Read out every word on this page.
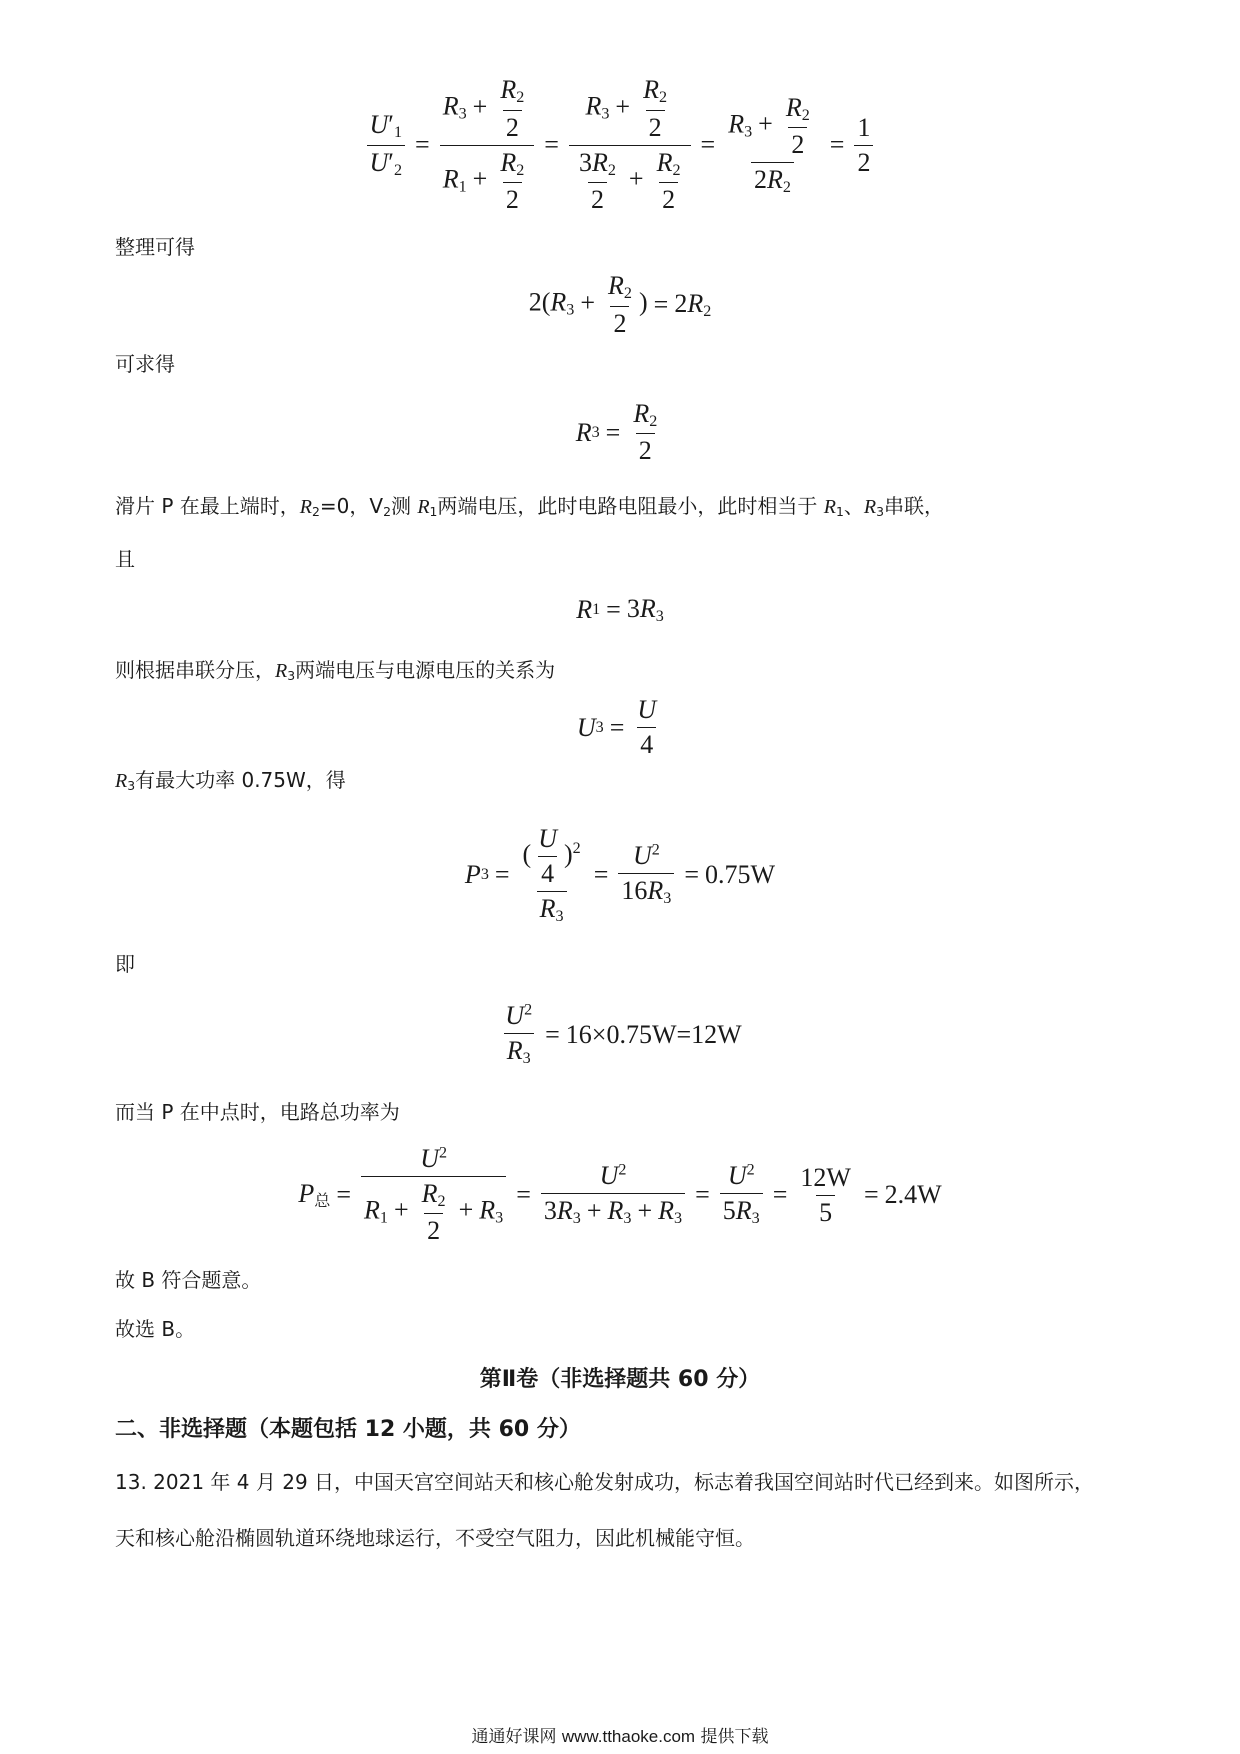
$\frac{U'_1}{U'_2} = \frac{R_3 + \frac{R_2}{2}}{R_1 + \frac{R_2}{2}} = \frac{R_3 + \frac{R_2}{2}}{\frac{3R_2}{2} + \frac{R_2}{2}} = \frac{R_3 + \frac{R_2}{2}}{2R_2} = \frac{1}{2}$
整理可得
$2(R_3 + \frac{R_2}{2}$ ) = $2R_2$
可求得
R $3 = \frac{R_2}{2}$
滑片 P 在最上端时，$R_2=0$，$V_2$测 $R_1$两端电压，此时电路电阻最小，此时相当于 $R_1$、$R_3$串联，
且
R $1 = 3R_3$
则根据串联分压，$R_3$两端电压与电源电压的关系为
U $3 = \frac{U}{4}$
$R_3$有最大功率 0.75W，得
P $3 = \frac{( \frac{U}{4} )^2}{R_3} = \frac{U^2}{16R_3} = 0.75W$
即
$\frac{U^2}{R_3} = 16\times 0.75W=12W$
而当 P 在中点时，电路总功率为
$P_总 = \frac{U^2}{R_1 + \frac{R_2}{2} + R_3} = \frac{U^2}{3R_3 + R_3 + R_3} = \frac{U^2}{5R_3} = \frac{12W}{5} = 2.4W$
故 B 符合题意。
故选 B。
第Ⅱ卷（非选择题共 60 分）
二、非选择题（本题包括 12 小题，共 60 分）
13. 2021 年 4 月 29 日，中国天宫空间站天和核心舱发射成功，标志着我国空间站时代已经到来。如图所示，
天和核心舱沿椭圆轨道环绕地球运行，不受空气阻力，因此机械能守恒。
通通好课网 www.tthaoke.com 提供下载
